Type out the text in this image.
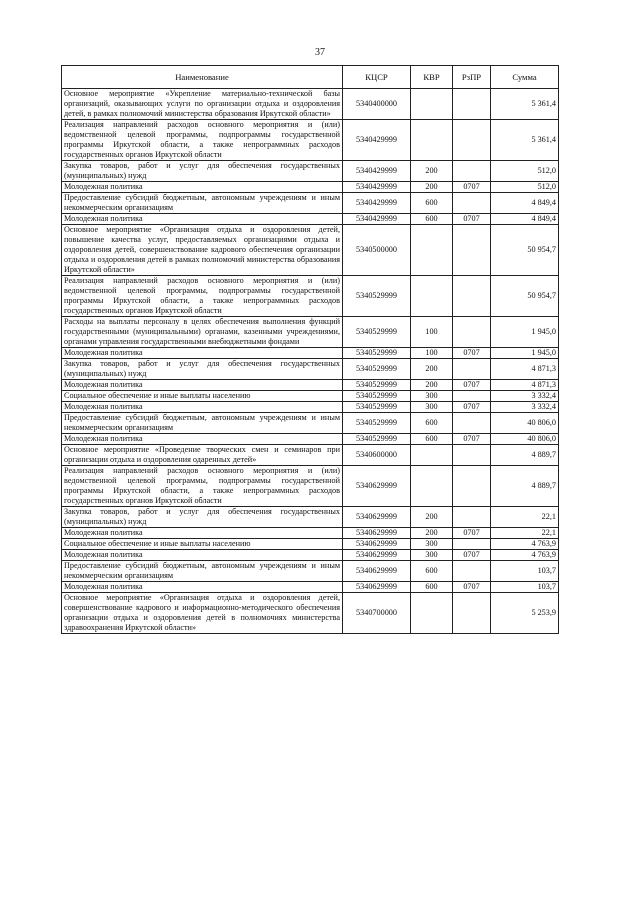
37
Наименование	КЦСР	КВР	РзПР	Сумма
Основное мероприятие «Укрепление материально-технической базы организаций, оказывающих услуги по организации отдыха и оздоровления детей, в рамках полномочий министерства образования Иркутской области»	5340400000			5 361,4
Реализация направлений расходов основного мероприятия и (или) ведомственной целевой программы, подпрограммы государственной программы Иркутской области, а также непрограммных расходов государственных органов Иркутской области	5340429999			5 361,4
Закупка товаров, работ и услуг для обеспечения государственных (муниципальных) нужд	5340429999	200		512,0
Молодежная политика	5340429999	200	0707	512,0
Предоставление субсидий бюджетным, автономным учреждениям и иным некоммерческим организациям	5340429999	600		4 849,4
Молодежная политика	5340429999	600	0707	4 849,4
Основное мероприятие «Организация отдыха и оздоровления детей, повышение качества услуг, предоставляемых организациями отдыха и оздоровления детей, совершенствование кадрового обеспечения организации отдыха и оздоровления детей в рамках полномочий министерства образования Иркутской области»	5340500000			50 954,7
Реализация направлений расходов основного мероприятия и (или) ведомственной целевой программы, подпрограммы государственной программы Иркутской области, а также непрограммных расходов государственных органов Иркутской области	5340529999			50 954,7
Расходы на выплаты персоналу в целях обеспечения выполнения функций государственными (муниципальными) органами, казенными учреждениями, органами управления государственными внебюджетными фондами	5340529999	100		1 945,0
Молодежная политика	5340529999	100	0707	1 945,0
Закупка товаров, работ и услуг для обеспечения государственных (муниципальных) нужд	5340529999	200		4 871,3
Молодежная политика	5340529999	200	0707	4 871,3
Социальное обеспечение и иные выплаты населению	5340529999	300		3 332,4
Молодежная политика	5340529999	300	0707	3 332,4
Предоставление субсидий бюджетным, автономным учреждениям и иным некоммерческим организациям	5340529999	600		40 806,0
Молодежная политика	5340529999	600	0707	40 806,0
Основное мероприятие «Проведение творческих смен и семинаров при организации отдыха и оздоровления одаренных детей»	5340600000			4 889,7
Реализация направлений расходов основного мероприятия и (или) ведомственной целевой программы, подпрограммы государственной программы Иркутской области, а также непрограммных расходов государственных органов Иркутской области	5340629999			4 889,7
Закупка товаров, работ и услуг для обеспечения государственных (муниципальных) нужд	5340629999	200		22,1
Молодежная политика	5340629999	200	0707	22,1
Социальное обеспечение и иные выплаты населению	5340629999	300		4 763,9
Молодежная политика	5340629999	300	0707	4 763,9
Предоставление субсидий бюджетным, автономным учреждениям и иным некоммерческим организациям	5340629999	600		103,7
Молодежная политика	5340629999	600	0707	103,7
Основное мероприятие «Организация отдыха и оздоровления детей, совершенствование кадрового и информационно-методического обеспечения организации отдыха и оздоровления детей в полномочиях министерства здравоохранения Иркутской области»	5340700000			5 253,9
